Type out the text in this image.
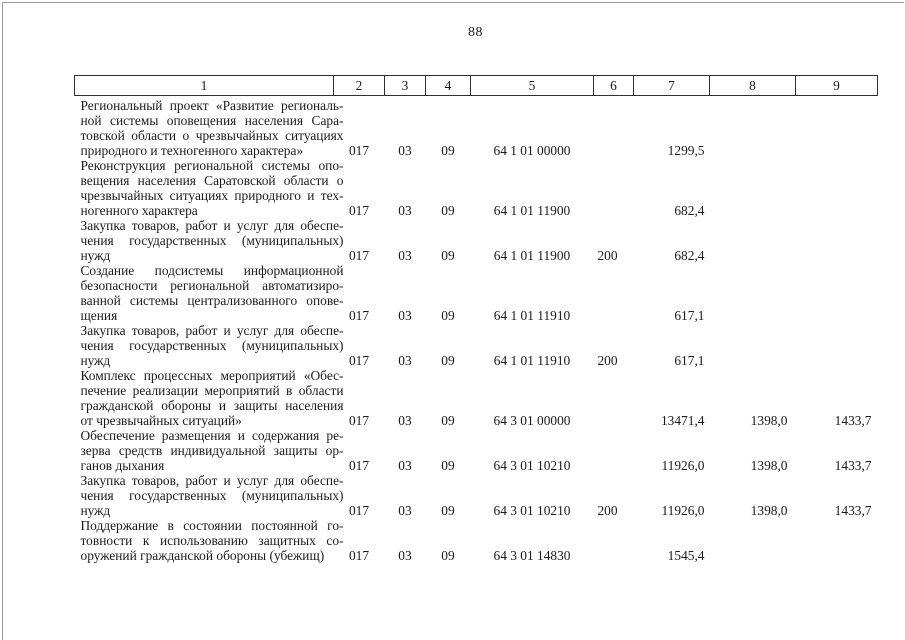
88
1	2	3	4	5	6	7	8	9

Региональный проект «Развитие региональ-
ной системы оповещения населения Сара-
товской области о чрезвычайных ситуациях
природного и техногенного характера»	017	03	09	64 1 01 00000		1299,5		

Реконструкция региональной системы опо-
вещения населения Саратовской области о
чрезвычайных ситуациях природного и тех-
ногенного характера	017	03	09	64 1 01 11900		682,4		

Закупка товаров, работ и услуг для обеспе-
чения государственных (муниципальных)
нужд	017	03	09	64 1 01 11900	200	682,4		

Создание подсистемы информационной
безопасности региональной автоматизиро-
ванной системы централизованного опове-
щения	017	03	09	64 1 01 11910		617,1		

Закупка товаров, работ и услуг для обеспе-
чения государственных (муниципальных)
нужд	017	03	09	64 1 01 11910	200	617,1		

Комплекс процессных мероприятий «Обес-
печение реализации мероприятий в области
гражданской обороны и защиты населения
от чрезвычайных ситуаций»	017	03	09	64 3 01 00000		13471,4	1398,0	1433,7

Обеспечение размещения и содержания ре-
зерва средств индивидуальной защиты ор-
ганов дыхания	017	03	09	64 3 01 10210		11926,0	1398,0	1433,7

Закупка товаров, работ и услуг для обеспе-
чения государственных (муниципальных)
нужд	017	03	09	64 3 01 10210	200	11926,0	1398,0	1433,7

Поддержание в состоянии постоянной го-
товности к использованию защитных со-
оружений гражданской обороны (убежищ)	017	03	09	64 3 01 14830		1545,4		
